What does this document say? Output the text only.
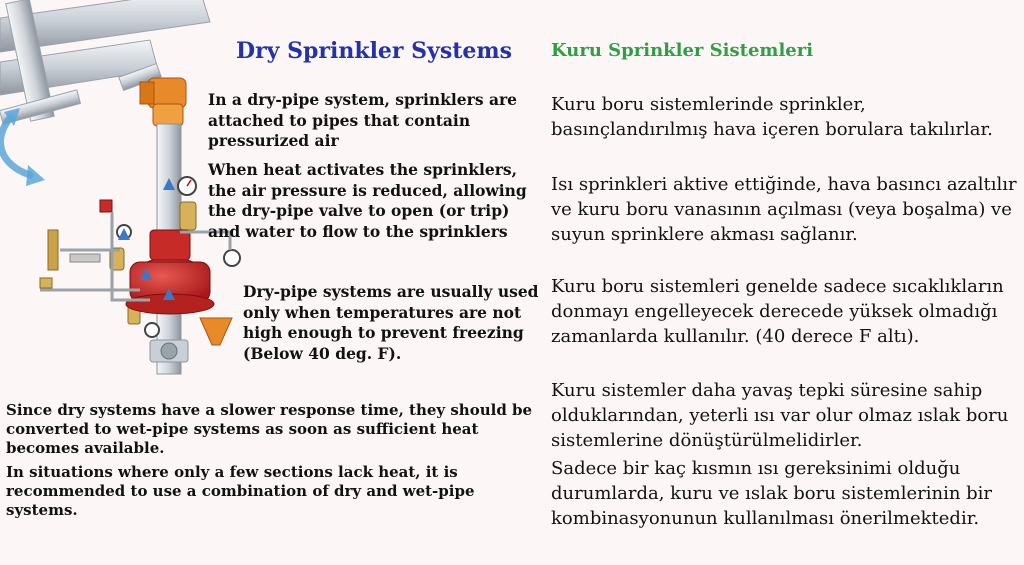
Dry Sprinkler Systems	Kuru Sprinkler Sistemleri

In a dry-pipe system, sprinklers are attached to pipes that contain pressurized air

When heat activates the sprinklers, the air pressure is reduced, allowing the dry-pipe valve to open (or trip) and water to flow to the sprinklers

Dry-pipe systems are usually used only when temperatures are not high enough to prevent freezing (Below 40 deg. F).

Since dry systems have a slower response time, they should be converted to wet-pipe systems as soon as sufficient heat becomes available.

In situations where only a few sections lack heat, it is recommended to use a combination of dry and wet-pipe systems.

Kuru boru sistemlerinde sprinkler, basınçlandırılmış hava içeren borulara takılırlar.

Isı sprinkleri aktive ettiğinde, hava basıncı azaltılır ve kuru boru vanasının açılması (veya boşalma) ve suyun sprinklere akması sağlanır.

Kuru boru sistemleri genelde sadece sıcaklıkların donmayı engelleyecek derecede yüksek olmadığı zamanlarda kullanılır. (40 derece F altı).

Kuru sistemler daha yavaş tepki süresine sahip olduklarından, yeterli ısı var olur olmaz ıslak boru sistemlerine dönüştürülmelidirler.

Sadece bir kaç kısmın ısı gereksinimi olduğu durumlarda, kuru ve ıslak boru sistemlerinin bir kombinasyonunun kullanılması önerilmektedir.
